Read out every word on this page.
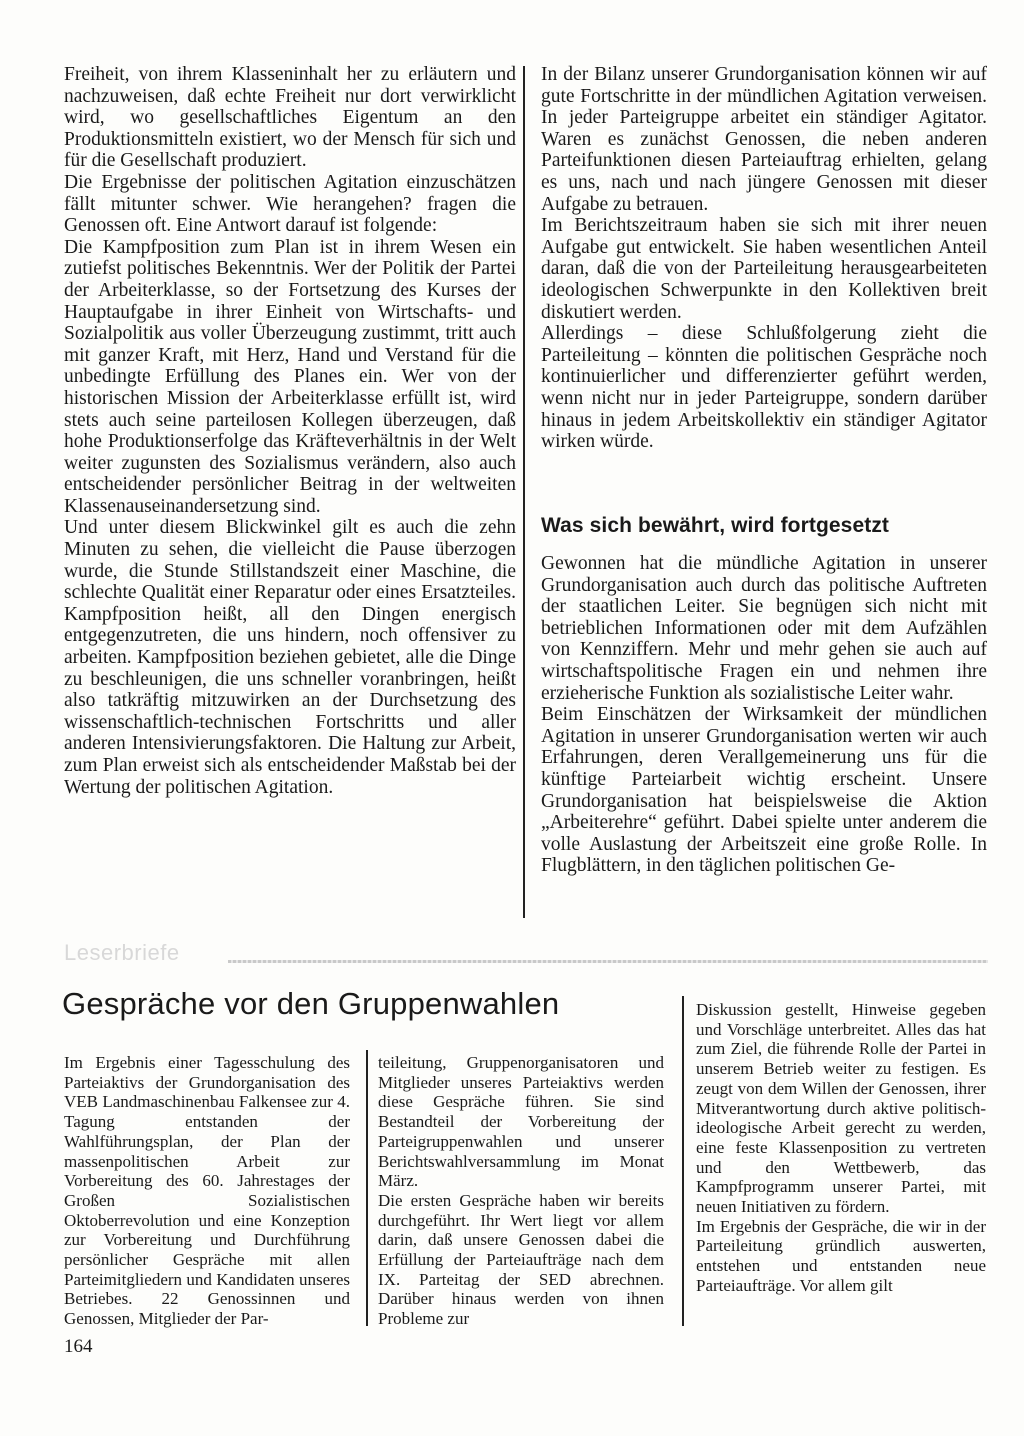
Freiheit, von ihrem Klasseninhalt her zu erläutern und nachzuweisen, daß echte Freiheit nur dort verwirklicht wird, wo gesellschaftliches Eigentum an den Produktionsmitteln existiert, wo der Mensch für sich und für die Gesellschaft produziert.

Die Ergebnisse der politischen Agitation einzuschätzen fällt mitunter schwer. Wie herangehen? fragen die Genossen oft. Eine Antwort darauf ist folgende:

Die Kampfposition zum Plan ist in ihrem Wesen ein zutiefst politisches Bekenntnis. Wer der Politik der Partei der Arbeiterklasse, so der Fortsetzung des Kurses der Hauptaufgabe in ihrer Einheit von Wirtschafts- und Sozialpolitik aus voller Überzeugung zustimmt, tritt auch mit ganzer Kraft, mit Herz, Hand und Verstand für die unbedingte Erfüllung des Planes ein. Wer von der historischen Mission der Arbeiterklasse erfüllt ist, wird stets auch seine parteilosen Kollegen überzeugen, daß hohe Produktionserfolge das Kräfteverhältnis in der Welt weiter zugunsten des Sozialismus verändern, also auch entscheidender persönlicher Beitrag in der weltweiten Klassenauseinandersetzung sind.

Und unter diesem Blickwinkel gilt es auch die zehn Minuten zu sehen, die vielleicht die Pause überzogen wurde, die Stunde Stillstandszeit einer Maschine, die schlechte Qualität einer Reparatur oder eines Ersatzteiles. Kampfposition heißt, all den Dingen energisch entgegenzutreten, die uns hindern, noch offensiver zu arbeiten. Kampfposition beziehen gebietet, alle die Dinge zu beschleunigen, die uns schneller voranbringen, heißt also tatkräftig mitzuwirken an der Durchsetzung des wissenschaftlich-technischen Fortschritts und aller anderen Intensivierungsfaktoren. Die Haltung zur Arbeit, zum Plan erweist sich als entscheidender Maßstab bei der Wertung der politischen Agitation.

In der Bilanz unserer Grundorganisation können wir auf gute Fortschritte in der mündlichen Agitation verweisen. In jeder Parteigruppe arbeitet ein ständiger Agitator. Waren es zunächst Genossen, die neben anderen Parteifunktionen diesen Parteiauftrag erhielten, gelang es uns, nach und nach jüngere Genossen mit dieser Aufgabe zu betrauen.

Im Berichtszeitraum haben sie sich mit ihrer neuen Aufgabe gut entwickelt. Sie haben wesentlichen Anteil daran, daß die von der Parteileitung herausgearbeiteten ideologischen Schwerpunkte in den Kollektiven breit diskutiert werden.

Allerdings – diese Schlußfolgerung zieht die Parteileitung – könnten die politischen Gespräche noch kontinuierlicher und differenzierter geführt werden, wenn nicht nur in jeder Parteigruppe, sondern darüber hinaus in jedem Arbeitskollektiv ein ständiger Agitator wirken würde.

Was sich bewährt, wird fortgesetzt

Gewonnen hat die mündliche Agitation in unserer Grundorganisation auch durch das politische Auftreten der staatlichen Leiter. Sie begnügen sich nicht mit betrieblichen Informationen oder mit dem Aufzählen von Kennziffern. Mehr und mehr gehen sie auch auf wirtschaftspolitische Fragen ein und nehmen ihre erzieherische Funktion als sozialistische Leiter wahr.

Beim Einschätzen der Wirksamkeit der mündlichen Agitation in unserer Grundorganisation werten wir auch Erfahrungen, deren Verallgemeinerung uns für die künftige Parteiarbeit wichtig erscheint. Unsere Grundorganisation hat beispielsweise die Aktion „Arbeiterehre“ geführt. Dabei spielte unter anderem die volle Auslastung der Arbeitszeit eine große Rolle. In Flugblättern, in den täglichen politischen Ge-

Leserbriefe
Gespräche vor den Gruppenwahlen

Im Ergebnis einer Tagesschulung des Parteiaktivs der Grundorganisation des VEB Landmaschinenbau Falkensee zur 4. Tagung entstanden der Wahlführungsplan, der Plan der massenpolitischen Arbeit zur Vorbereitung des 60. Jahrestages der Großen Sozialistischen Oktoberrevolution und eine Konzeption zur Vorbereitung und Durchführung persönlicher Gespräche mit allen Parteimitgliedern und Kandidaten unseres Betriebes. 22 Genossinnen und Genossen, Mitglieder der Par-

teileitung, Gruppenorganisatoren und Mitglieder unseres Parteiaktivs werden diese Gespräche führen. Sie sind Bestandteil der Vorbereitung der Parteigruppenwahlen und unserer Berichtswahlversammlung im Monat März.

Die ersten Gespräche haben wir bereits durchgeführt. Ihr Wert liegt vor allem darin, daß unsere Genossen dabei die Erfüllung der Parteiaufträge nach dem IX. Parteitag der SED abrechnen. Darüber hinaus werden von ihnen Probleme zur

Diskussion gestellt, Hinweise gegeben und Vorschläge unterbreitet. Alles das hat zum Ziel, die führende Rolle der Partei in unserem Betrieb weiter zu festigen. Es zeugt von dem Willen der Genossen, ihrer Mitverantwortung durch aktive politisch-ideologische Arbeit gerecht zu werden, eine feste Klassenposition zu vertreten und den Wettbewerb, das Kampfprogramm unserer Partei, mit neuen Initiativen zu fördern.

Im Ergebnis der Gespräche, die wir in der Parteileitung gründlich auswerten, entstehen und entstanden neue Parteiaufträge. Vor allem gilt

164
